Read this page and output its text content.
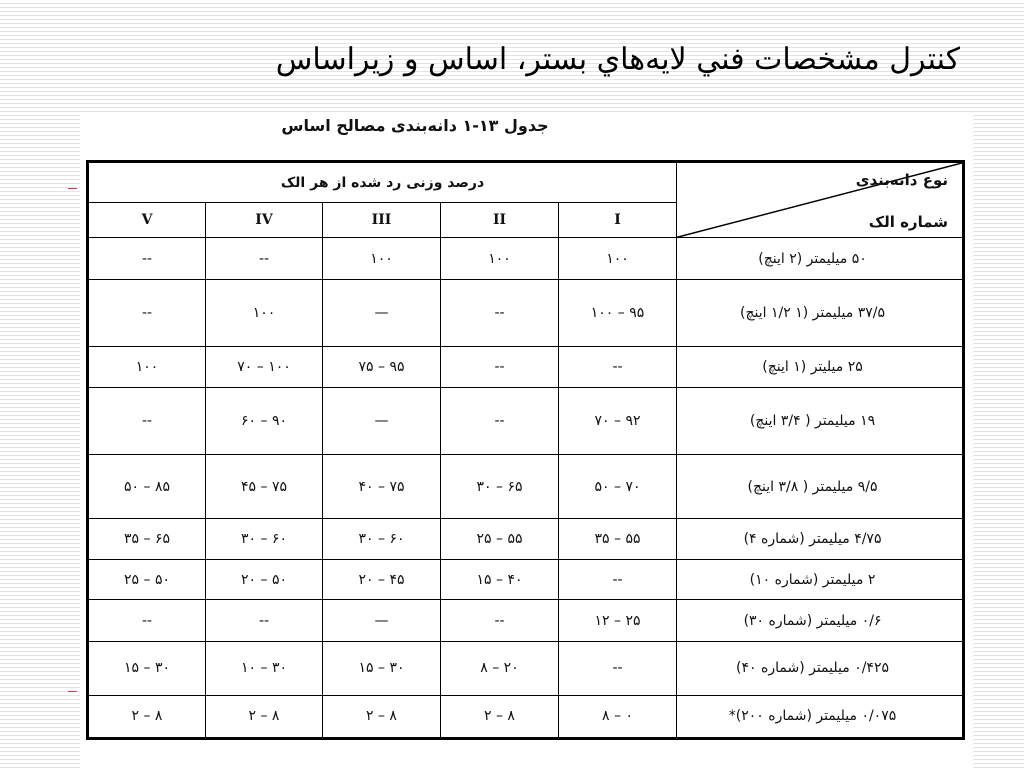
کنترل مشخصات فني لايه‌هاي بستر، اساس و زيراساس
جدول ۱۳-۱ دانه‌بندی مصالح اساس
درصد وزنی رد شده از هر الک					نوع دانه‌بندی
شماره الک

V	IV	III	II	I	
--	--	۱۰۰	۱۰۰	۱۰۰	۵۰ میلیمتر (۲ اینچ)
--	۱۰۰	—	--	۱۰۰ – ۹۵	۳۷/۵ میلیمتر (۱ ۱/۲ اینچ)
۱۰۰	۷۰ – ۱۰۰	۷۵ – ۹۵	--	--	۲۵ میلیتر (۱ اینچ)
--	۶۰ – ۹۰	—	--	۷۰ – ۹۲	۱۹ میلیمتر ( ۳/۴ اینچ)
۵۰ – ۸۵	۴۵ – ۷۵	۴۰ – ۷۵	۳۰ – ۶۵	۵۰ – ۷۰	۹/۵ میلیمتر ( ۳/۸ اینچ)
۳۵ – ۶۵	۳۰ – ۶۰	۳۰ – ۶۰	۲۵ – ۵۵	۳۵ – ۵۵	۴/۷۵ میلیمتر (شماره ۴)
۲۵ – ۵۰	۲۰ – ۵۰	۲۰ – ۴۵	۱۵ – ۴۰	--	۲ میلیمتر (شماره ۱۰)
--	--	—	--	۱۲ – ۲۵	۰/۶ میلیمتر (شماره ۳۰)
۱۵ – ۳۰	۱۰ – ۳۰	۱۵ – ۳۰	۸ – ۲۰	--	۰/۴۲۵ میلیمتر (شماره ۴۰)
۲ – ۸	۲ – ۸	۲ – ۸	۲ – ۸	۸ – ۰	۰/۰۷۵ میلیمتر (شماره ۲۰۰)*
